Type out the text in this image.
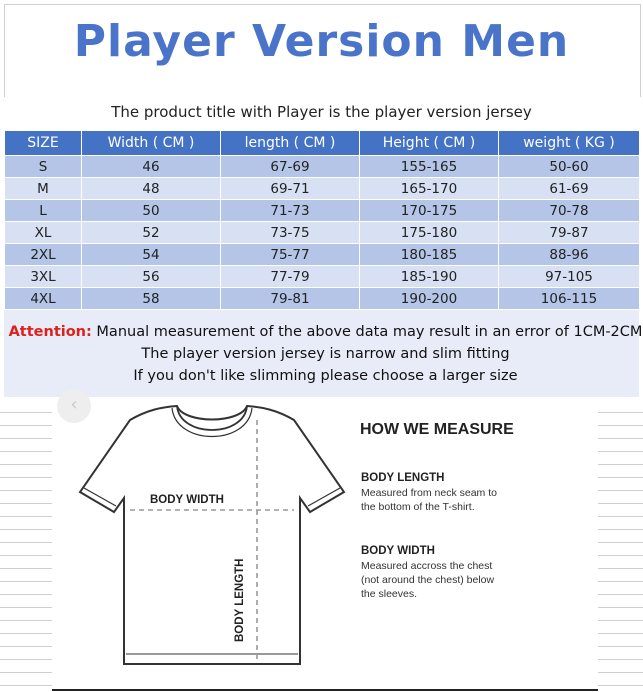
Player Version Men
The product title with Player is the player version jersey
SIZE	Width ( CM )	length ( CM )	Height ( CM )	weight ( KG )
S	46	67-69	155-165	50-60
M	48	69-71	165-170	61-69
L	50	71-73	170-175	70-78
XL	52	73-75	175-180	79-87
2XL	54	75-77	180-185	88-96
3XL	56	77-79	185-190	97-105
4XL	58	79-81	190-200	106-115
Attention: Manual measurement of the above data may result in an error of 1CM-2CM
The player version jersey is narrow and slim fitting
If you don't like slimming please choose a larger size
BODY WIDTH
BODY LENGTH
‹
HOW WE MEASURE
BODY LENGTH
Measured from neck seam to
the bottom of the T-shirt.
BODY WIDTH
Measured accross the chest
(not around the chest) below
the sleeves.
